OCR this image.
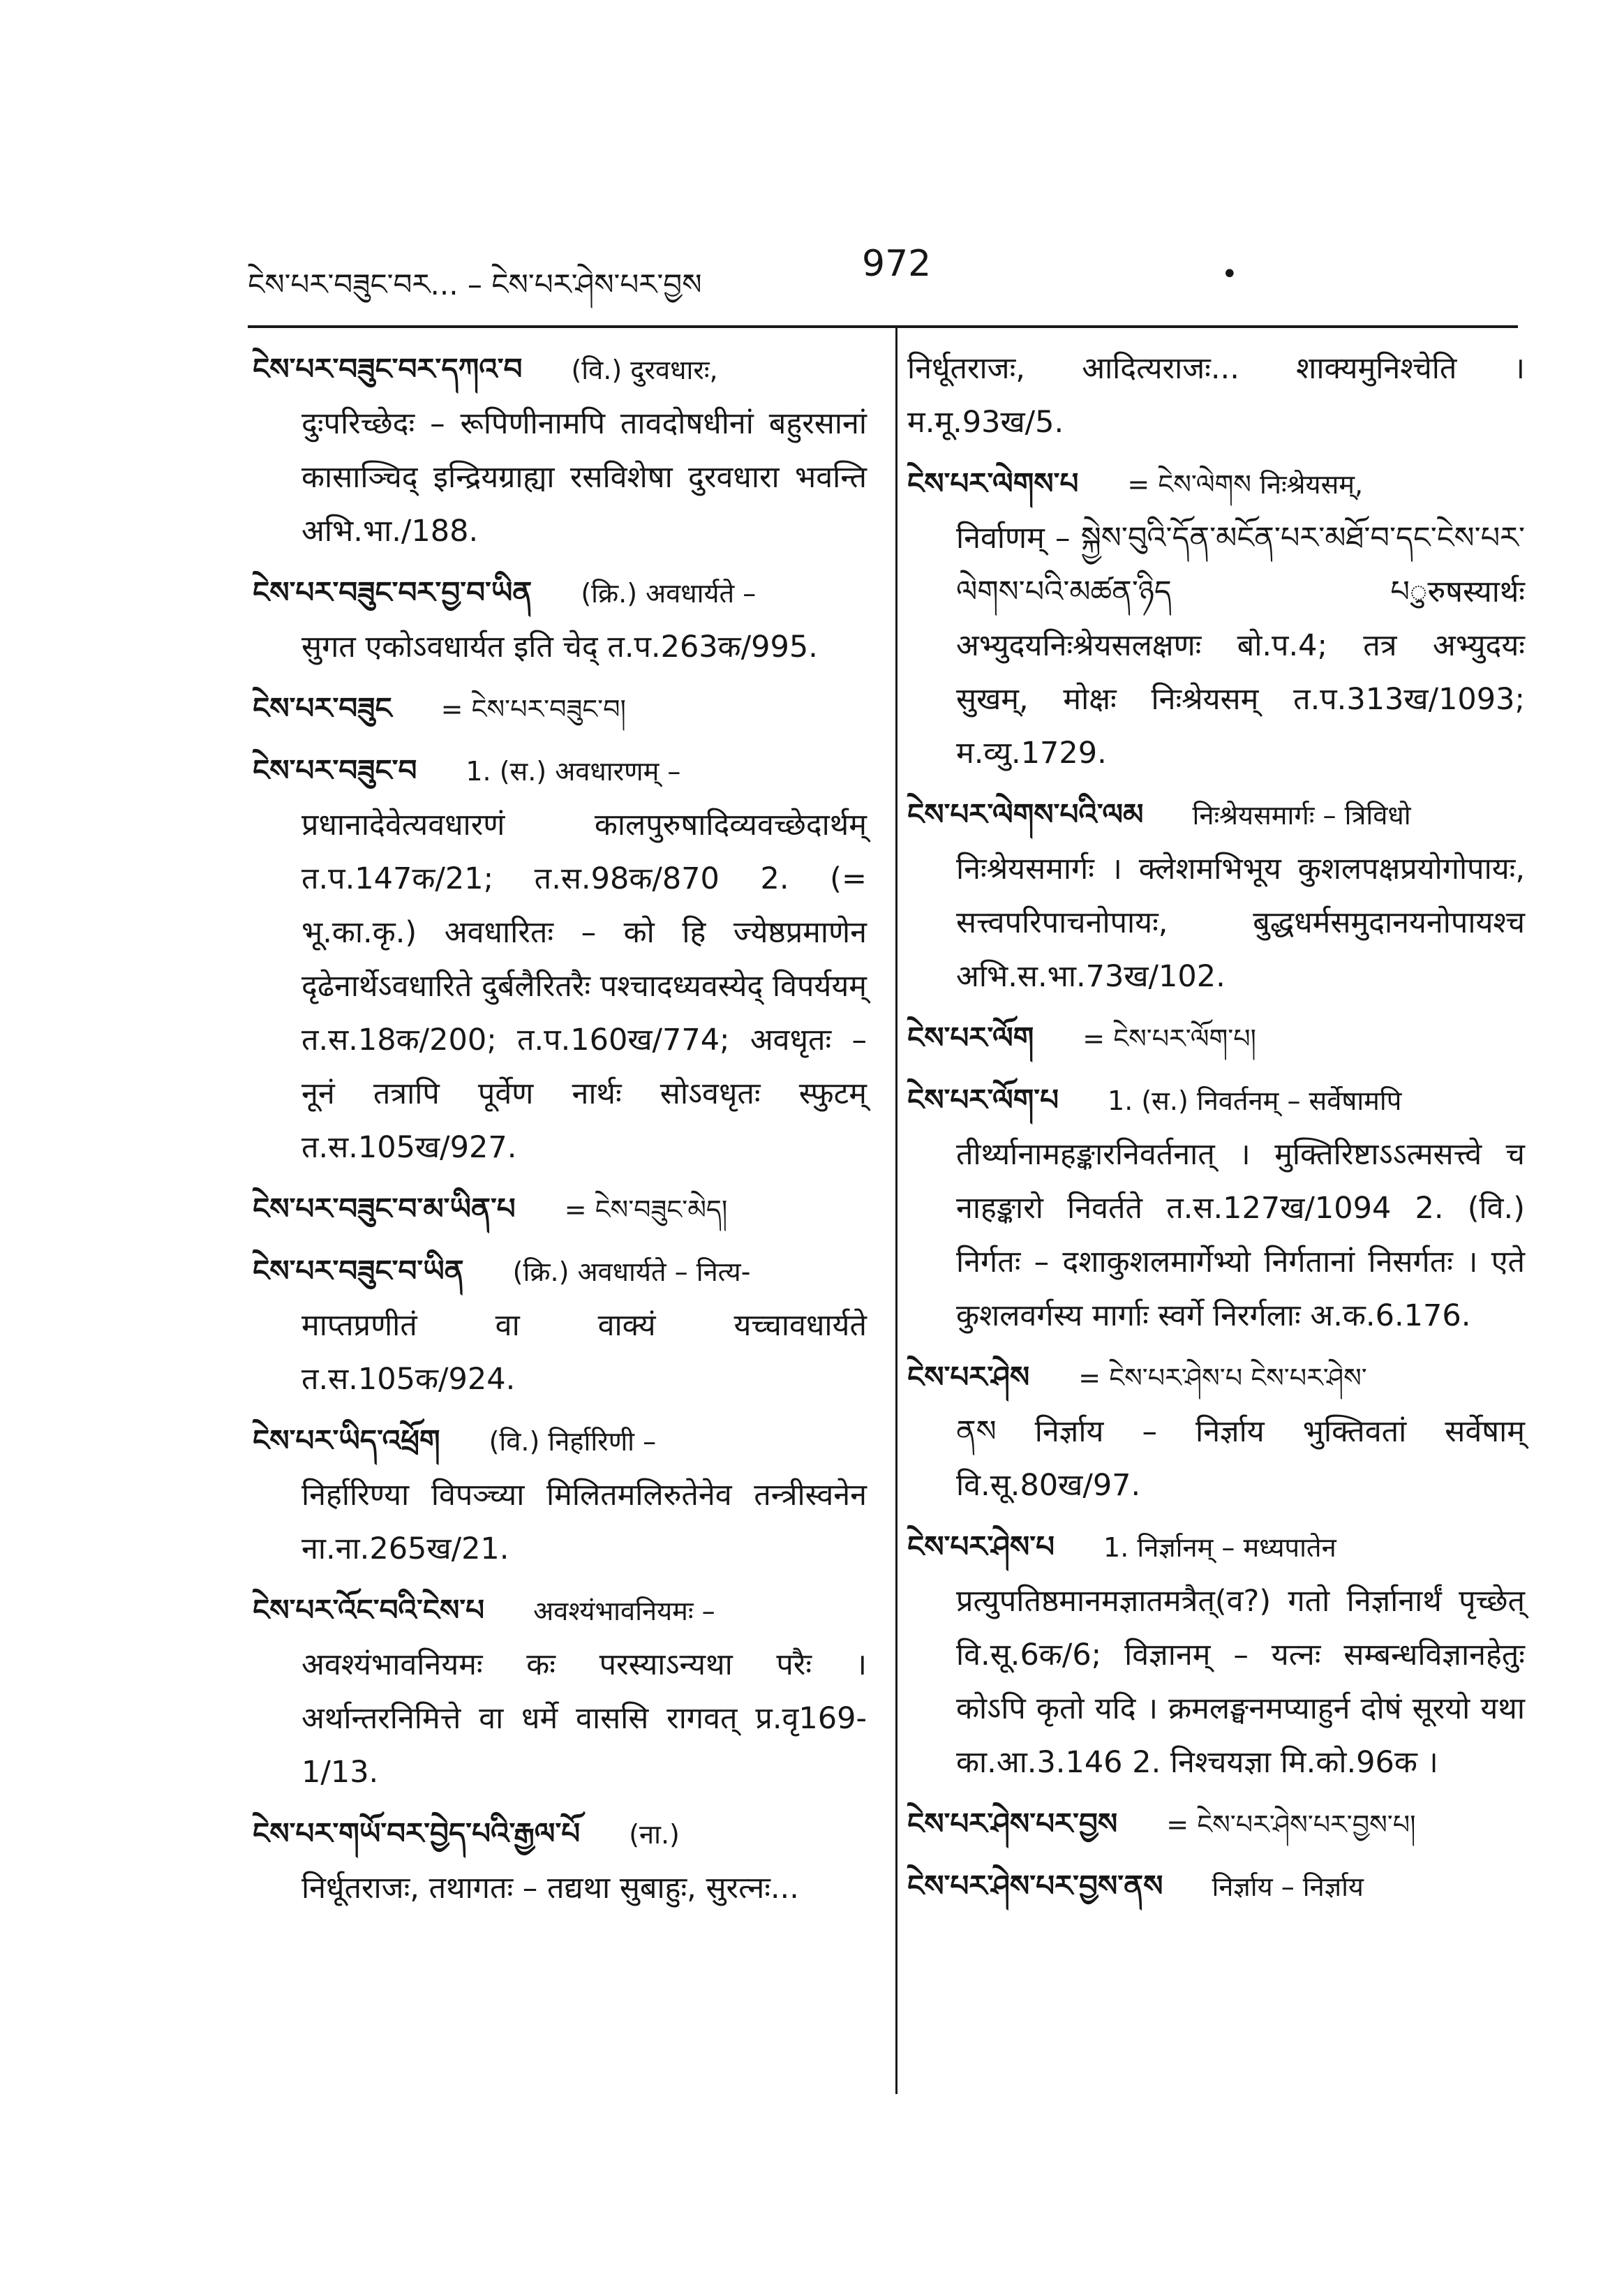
ངེས་པར་བཟུང་བར... – ངེས་པར་ཤེས་པར་བྱས	972	•
ངེས་པར་བཟུང་བར་དཀའ་བ (वि.) दुरवधारः,

दुःपरिच्छेदः – रूपिणीनामपि तावदोषधीनां बहुरसानां कासाञ्चिद् इन्द्रियग्राह्या रसविशेषा दुरवधारा भवन्ति अभि.भा./188.

ངེས་པར་བཟུང་བར་བྱ་བ་ཡིན (क्रि.) अवधार्यते –

सुगत एकोऽवधार्यत इति चेद् त.प.263क/995.

ངེས་པར་བཟུང = ངེས་པར་བཟུང་བ།

ངེས་པར་བཟུང་བ 1. (स.) अवधारणम् –

प्रधानादेवेत्यवधारणं कालपुरुषादिव्यवच्छेदार्थम् त.प.147क/21; त.स.98क/870 2. (= भू.का.कृ.) अवधारितः – को हि ज्येष्ठप्रमाणेन दृढेनार्थेऽवधारिते दुर्बलैरितरैः पश्चादध्यवस्येद् विपर्ययम् त.स.18क/200; त.प.160ख/774; अवधृतः – नूनं तत्रापि पूर्वेण नार्थः सोऽवधृतः स्फुटम् त.स.105ख/927.

ངེས་པར་བཟུང་བ་མ་ཡིན་པ = ངེས་བཟུང་མེད།

ངེས་པར་བཟུང་བ་ཡིན (क्रि.) अवधार्यते – नित्य-

माप्तप्रणीतं वा वाक्यं यच्चावधार्यते त.स.105क/924.

ངེས་པར་ཡིད་འཕྲོག (वि.) निर्हारिणी –

निर्हारिण्या विपञ्च्या मिलितमलिरुतेनेव तन्त्रीस्वनेन ना.ना.265ख/21.

ངེས་པར་འོང་བའི་ངེས་པ अवश्यंभावनियमः –

अवश्यंभावनियमः कः परस्याऽन्यथा परैः । अर्थान्तरनिमित्ते वा धर्मे वाससि रागवत् प्र.वृ169-1/13.

ངེས་པར་གཡོ་བར་བྱེད་པའི་རྒྱལ་པོ (ना.)

निर्धूतराजः, तथागतः – तद्यथा सुबाहुः, सुरत्नः...

निर्धूतराजः, आदित्यराजः... शाक्यमुनिश्चेति । म.मू.93ख/5.

ངེས་པར་ལེགས་པ = ངེས་ལེགས निःश्रेयसम्,

निर्वाणम् – སྐྱེས་བུའི་དོན་མངོན་པར་མཐོ་བ་དང་ངེས་པར་ལེགས་པའི་མཚན་ཉིད པुरुषस्यार्थः अभ्युदयनिःश्रेयसलक्षणः बो.प.4; तत्र अभ्युदयः सुखम्, मोक्षः निःश्रेयसम् त.प.313ख/1093; म.व्यु.1729.

ངེས་པར་ལེགས་པའི་ལམ निःश्रेयसमार्गः – त्रिविधो

निःश्रेयसमार्गः । क्लेशमभिभूय कुशलपक्षप्रयोगोपायः, सत्त्वपरिपाचनोपायः, बुद्धधर्मसमुदानयनोपायश्च अभि.स.भा.73ख/102.

ངེས་པར་ལོག = ངེས་པར་ལོག་པ།

ངེས་པར་ལོག་པ 1. (स.) निवर्तनम् – सर्वेषामपि

तीर्थ्यानामहङ्कारनिवर्तनात् । मुक्तिरिष्टाऽऽत्मसत्त्वे च नाहङ्कारो निवर्तते त.स.127ख/1094 2. (वि.) निर्गतः – दशाकुशलमार्गेभ्यो निर्गतानां निसर्गतः । एते कुशलवर्गस्य मार्गाः स्वर्गे निरर्गलाः अ.क.6.176.

ངེས་པར་ཤེས = ངེས་པར་ཤེས་པ ངེས་པར་ཤེས་

ནས निर्ज्ञाय – निर्ज्ञाय भुक्तिवतां सर्वेषाम् वि.सू.80ख/97.

ངེས་པར་ཤེས་པ 1. निर्ज्ञानम् – मध्यपातेन

प्रत्युपतिष्ठमानमज्ञातमत्रैत्(व?) गतो निर्ज्ञानार्थं पृच्छेत् वि.सू.6क/6; विज्ञानम् – यत्नः सम्बन्धविज्ञानहेतुः कोऽपि कृतो यदि । क्रमलङ्घनमप्याहुर्न दोषं सूरयो यथा का.आ.3.146 2. निश्चयज्ञा मि.को.96क ।

ངེས་པར་ཤེས་པར་བྱས = ངེས་པར་ཤེས་པར་བྱས་པ།

ངེས་པར་ཤེས་པར་བྱས་ནས निर्ज्ञाय – निर्ज्ञाय
